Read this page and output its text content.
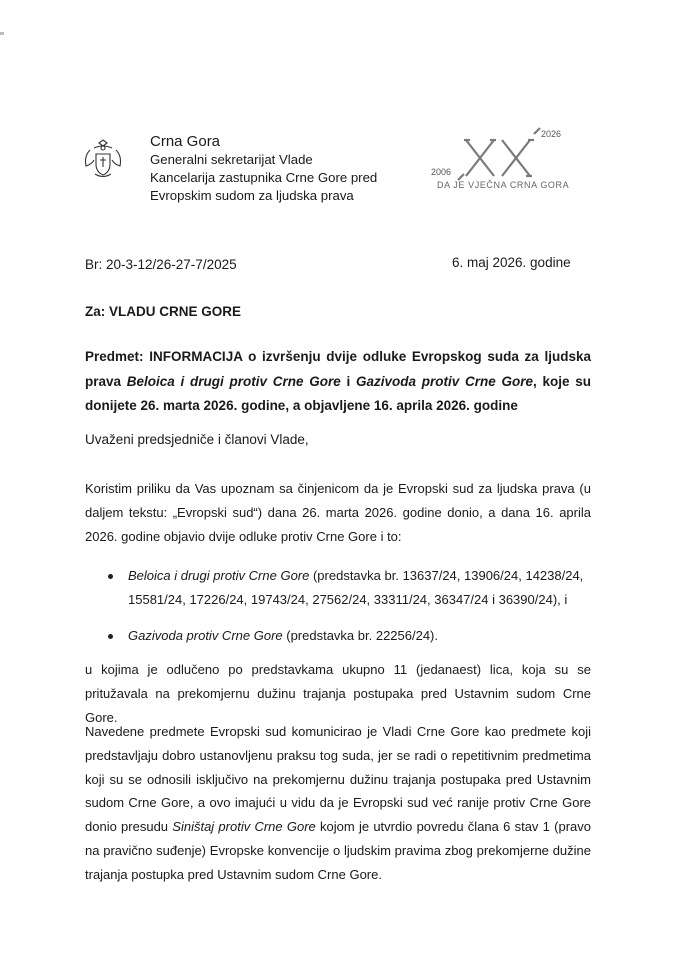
Crna Gora
Generalni sekretarijat Vlade
Kancelarija zastupnika Crne Gore pred
Evropskim sudom za ljudska prava
2006
2026
DA JE VJEČNA CRNA GORA
Br: 20-3-12/26-27-7/2025	6. maj 2026. godine
Za: VLADU CRNE GORE
Predmet: INFORMACIJA o izvršenju dvije odluke Evropskog suda za ljudska prava Beloica i drugi protiv Crne Gore i Gazivoda protiv Crne Gore, koje su donijete 26. marta 2026. godine, a objavljene 16. aprila 2026. godine
Uvaženi predsjedniče i članovi Vlade,
Koristim priliku da Vas upoznam sa činjenicom da je Evropski sud za ljudska prava (u daljem tekstu: „Evropski sud“) dana 26. marta 2026. godine donio, a dana 16. aprila 2026. godine objavio dvije odluke protiv Crne Gore i to:
Beloica i drugi protiv Crne Gore (predstavka br. 13637/24, 13906/24, 14238/24, 15581/24, 17226/24, 19743/24, 27562/24, 33311/24, 36347/24 i 36390/24), i
Gazivoda protiv Crne Gore (predstavka br. 22256/24).
u kojima je odlučeno po predstavkama ukupno 11 (jedanaest) lica, koja su se pritužavala na prekomjernu dužinu trajanja postupaka pred Ustavnim sudom Crne Gore.
Navedene predmete Evropski sud komunicirao je Vladi Crne Gore kao predmete koji predstavljaju dobro ustanovljenu praksu tog suda, jer se radi o repetitivnim predmetima koji su se odnosili isključivo na prekomjernu dužinu trajanja postupaka pred Ustavnim sudom Crne Gore, a ovo imajući u vidu da je Evropski sud već ranije protiv Crne Gore donio presudu Siništaj protiv Crne Gore kojom je utvrdio povredu člana 6 stav 1 (pravo na pravično suđenje) Evropske konvencije o ljudskim pravima zbog prekomjerne dužine trajanja postupka pred Ustavnim sudom Crne Gore.
